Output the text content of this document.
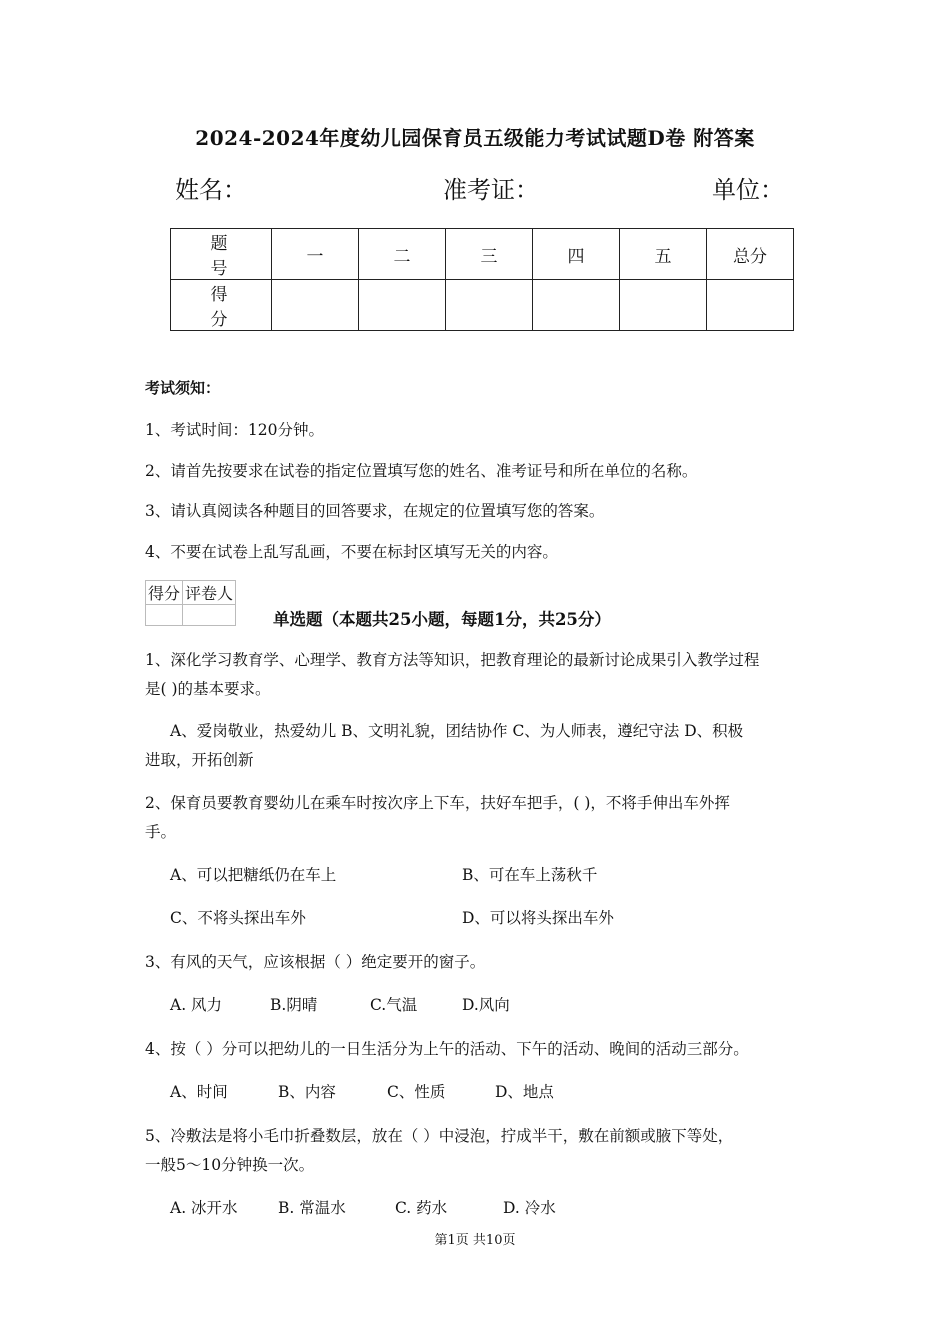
2024-2024年度幼儿园保育员五级能力考试试题D卷 附答案
姓名：	准考证：	单位：
题 号	一	二	三	四	五	总分
得 分						
考试须知：
1、考试时间：120分钟。
2、请首先按要求在试卷的指定位置填写您的姓名、准考证号和所在单位的名称。
3、请认真阅读各种题目的回答要求，在规定的位置填写您的答案。
4、不要在试卷上乱写乱画，不要在标封区填写无关的内容。
得分	评卷人

单选题（本题共25小题，每题1分，共25分）
1、深化学习教育学、心理学、教育方法等知识，把教育理论的最新讨论成果引入教学过程
是( )的基本要求。
A、爱岗敬业，热爱幼儿 B、文明礼貌，团结协作 C、为人师表，遵纪守法 D、积极
进取，开拓创新
2、保育员要教育婴幼儿在乘车时按次序上下车，扶好车把手，( )，不将手伸出车外挥
手。
A、可以把糖纸仍在车上	B、可在车上荡秋千
C、不将头探出车外	D、可以将头探出车外
3、有风的天气，应该根据（ ）绝定要开的窗子。
A. 风力	B.阴晴	C.气温	D.风向
4、按（ ）分可以把幼儿的一日生活分为上午的活动、下午的活动、晚间的活动三部分。
A、时间	B、内容	C、性质	D、地点
5、冷敷法是将小毛巾折叠数层，放在（ ）中浸泡，拧成半干，敷在前额或腋下等处，
一般5～10分钟换一次。
A. 冰开水	B. 常温水	C. 药水	D. 冷水
第1页 共10页
